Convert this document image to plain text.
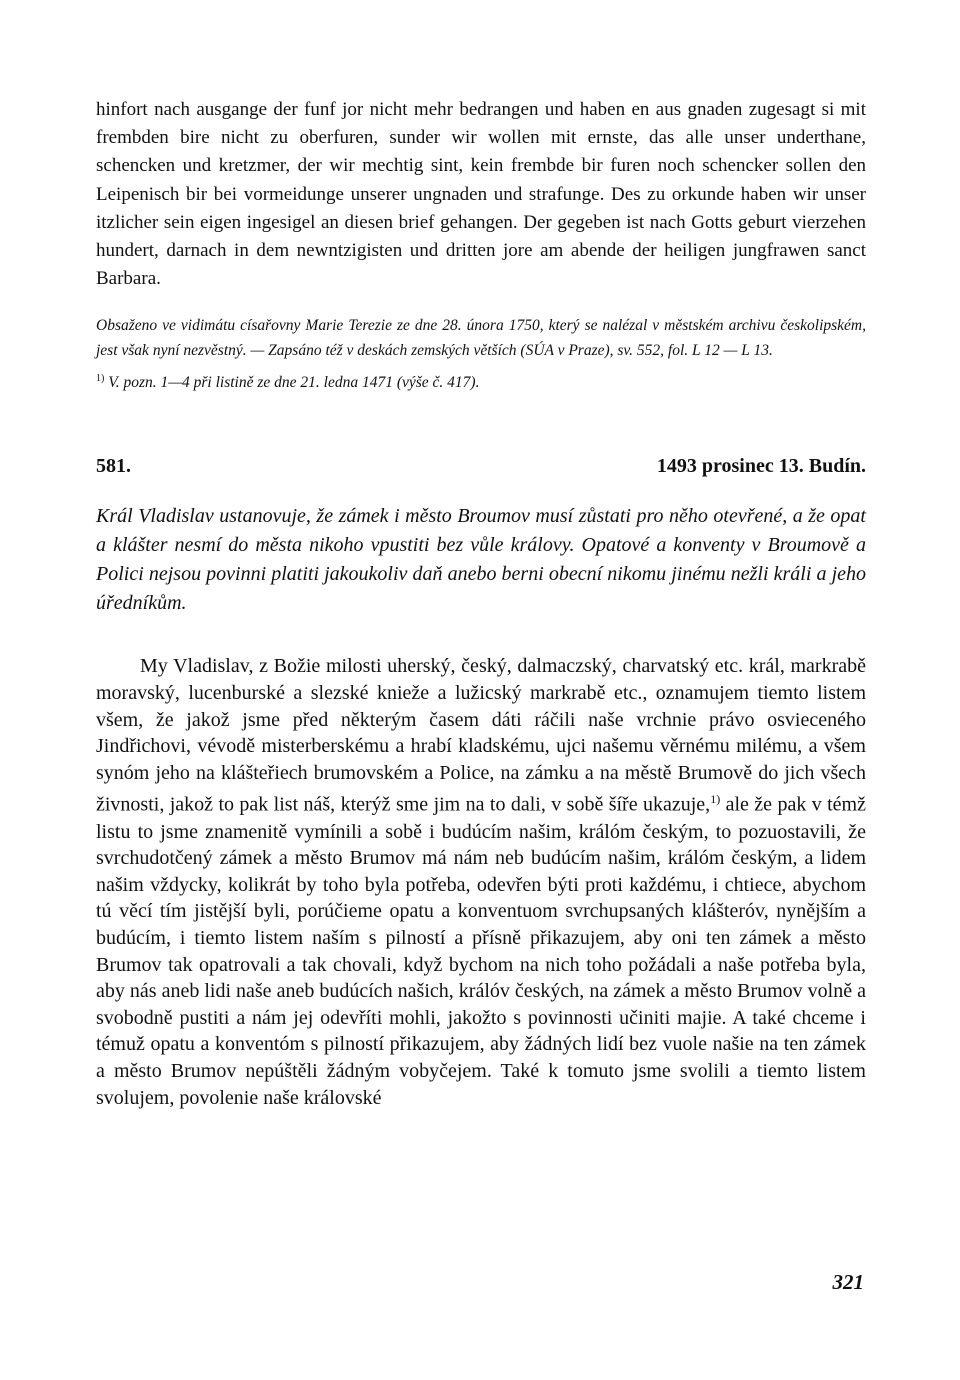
hinfort nach ausgange der funf jor nicht mehr bedrangen und haben en aus gnaden zugesagt si mit frembden bire nicht zu oberfuren, sunder wir wollen mit ernste, das alle unser underthane, schencken und kretzmer, der wir mechtig sint, kein frembde bir furen noch schencker sollen den Leipenisch bir bei vormeidunge unserer ungnaden und strafunge. Des zu orkunde haben wir unser itzlicher sein eigen ingesigel an diesen brief gehangen. Der gegeben ist nach Gotts geburt vierzehen hundert, darnach in dem newntzigisten und dritten jore am abende der heiligen jungfrawen sanct Barbara.

Obsaženo ve vidimátu císařovny Marie Terezie ze dne 28. února 1750, který se nalézal v městském archivu českolipském, jest však nyní nezvěstný. — Zapsáno též v deskách zemských větších (SÚA v Praze), sv. 552, fol. L 12 — L 13.

$^{1)}$ V. pozn. 1—4 při listině ze dne 21. ledna 1471 (výše č. 417).

581.	1493 prosinec 13. Budín.

Král Vladislav ustanovuje, že zámek i město Broumov musí zůstati pro něho otevřené, a že opat a klášter nesmí do města nikoho vpustiti bez vůle královy. Opatové a konventy v Broumově a Polici nejsou povinni platiti jakoukoliv daň anebo berni obecní nikomu jinému nežli králi a jeho úředníkům.

My Vladislav, z Božie milosti uherský, český, dalmaczský, charvatský etc. král, markrabě moravský, lucenburské a slezské knieže a lužicský markrabě etc., oznamujem tiemto listem všem, že jakož jsme před některým časem dáti ráčili naše vrchnie právo osvieceného Jindřichovi, vévodě misterberskému a hrabí kladskému, ujci našemu věrnému milému, a všem synóm jeho na klášteřiech brumovském a Police, na zámku a na městě Brumově do jich všech živnosti, jakož to pak list náš, kterýž sme jim na to dali, v sobě šíře ukazuje,$^{1)}$ ale že pak v témž listu to jsme znamenitě vymínili a sobě i budúcím našim, králóm českým, to pozuostavili, že svrchudotčený zámek a město Brumov má nám neb budúcím našim, králóm českým, a lidem našim vždycky, kolikrát by toho byla potřeba, odevřen býti proti každému, i chtiece, abychom tú věcí tím jistější byli, porúčieme opatu a konventuom svrchupsaných klášteróv, nynějším a budúcím, i tiemto listem naším s pilností a přísně přikazujem, aby oni ten zámek a město Brumov tak opatrovali a tak chovali, když bychom na nich toho požádali a naše potřeba byla, aby nás aneb lidi naše aneb budúcích našich, králóv českých, na zámek a město Brumov volně a svobodně pustiti a nám jej odevříti mohli, jakožto s povinnosti učiniti majie. A také chceme i témuž opatu a konventóm s pilností přikazujem, aby žádných lidí bez vuole našie na ten zámek a město Brumov nepúštěli žádným vobyčejem. Také k tomuto jsme svolili a tiemto listem svolujem, povolenie naše královské

321
